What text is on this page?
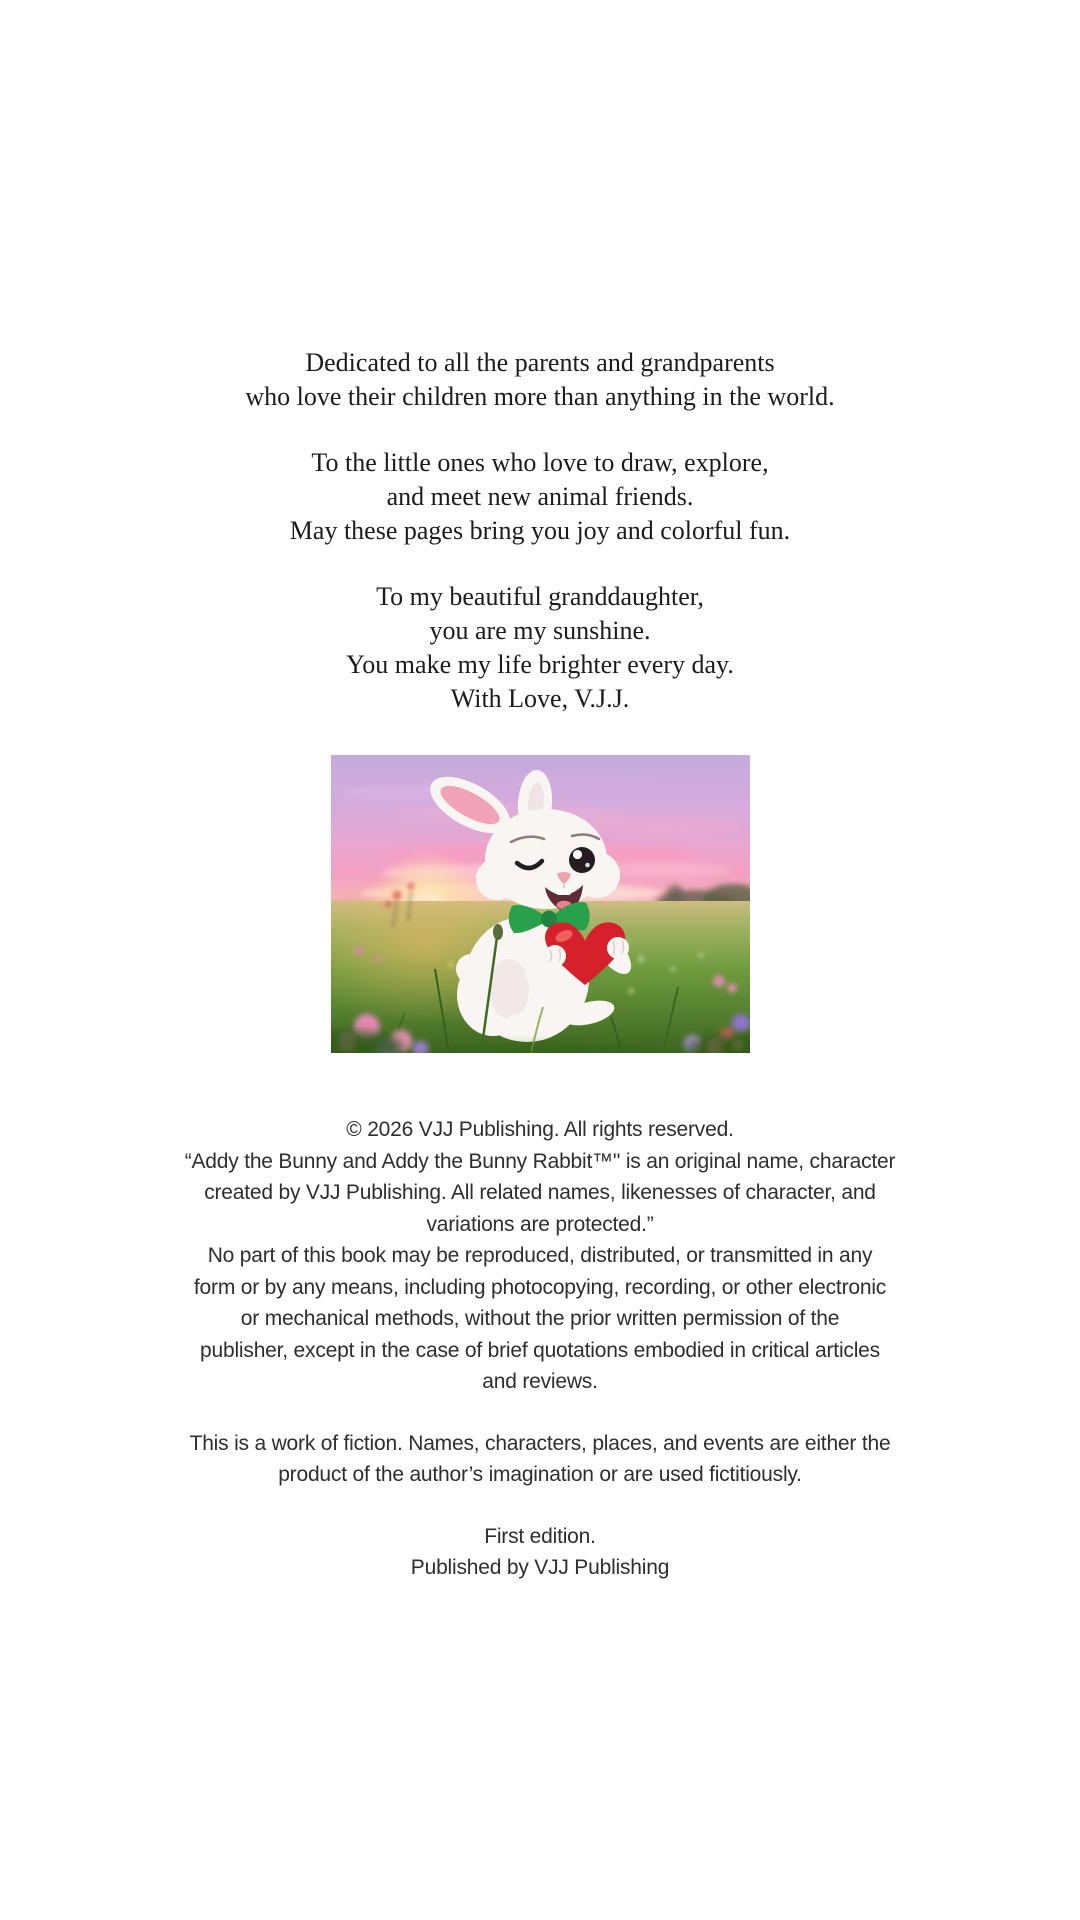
Dedicated to all the parents and grandparents
who love their children more than anything in the world.
To the little ones who love to draw, explore,
and meet new animal friends.
May these pages bring you joy and colorful fun.
To my beautiful granddaughter,
you are my sunshine.
You make my life brighter every day.
With Love, V.J.J.
© 2026 VJJ Publishing. All rights reserved.
“Addy the Bunny and Addy the Bunny Rabbit™" is an original name, character
created by VJJ Publishing. All related names, likenesses of character, and
variations are protected.”
No part of this book may be reproduced, distributed, or transmitted in any
form or by any means, including photocopying, recording, or other electronic
or mechanical methods, without the prior written permission of the
publisher, except in the case of brief quotations embodied in critical articles
and reviews.
This is a work of fiction. Names, characters, places, and events are either the
product of the author’s imagination or are used fictitiously.
First edition.
Published by VJJ Publishing
